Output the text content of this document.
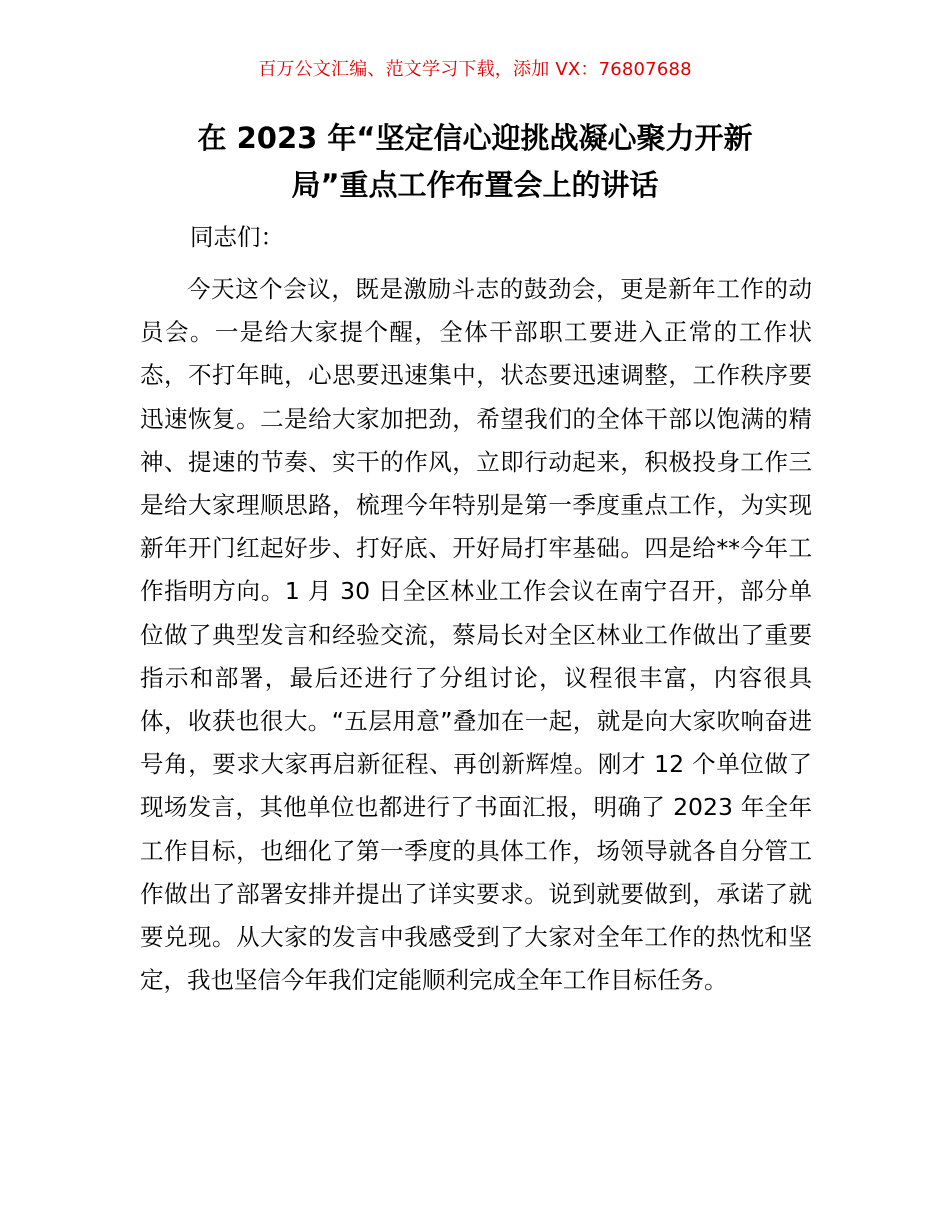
百万公文汇编、范文学习下载，添加 VX：76807688
在 2023 年“坚定信心迎挑战凝心聚力开新
局”重点工作布置会上的讲话
同志们：

今天这个会议，既是激励斗志的鼓劲会，更是新年工作的动员会。一是给大家提个醒，全体干部职工要进入正常的工作状态，不打年盹，心思要迅速集中，状态要迅速调整，工作秩序要迅速恢复。二是给大家加把劲，希望我们的全体干部以饱满的精神、提速的节奏、实干的作风，立即行动起来，积极投身工作三是给大家理顺思路，梳理今年特别是第一季度重点工作，为实现新年开门红起好步、打好底、开好局打牢基础。四是给**今年工作指明方向。1 月 30 日全区林业工作会议在南宁召开，部分单位做了典型发言和经验交流，蔡局长对全区林业工作做出了重要指示和部署，最后还进行了分组讨论，议程很丰富，内容很具体，收获也很大。“五层用意”叠加在一起，就是向大家吹响奋进号角，要求大家再启新征程、再创新辉煌。刚才 12 个单位做了现场发言，其他单位也都进行了书面汇报，明确了 2023 年全年工作目标，也细化了第一季度的具体工作，场领导就各自分管工作做出了部署安排并提出了详实要求。说到就要做到，承诺了就要兑现。从大家的发言中我感受到了大家对全年工作的热忱和坚定，我也坚信今年我们定能顺利完成全年工作目标任务。
